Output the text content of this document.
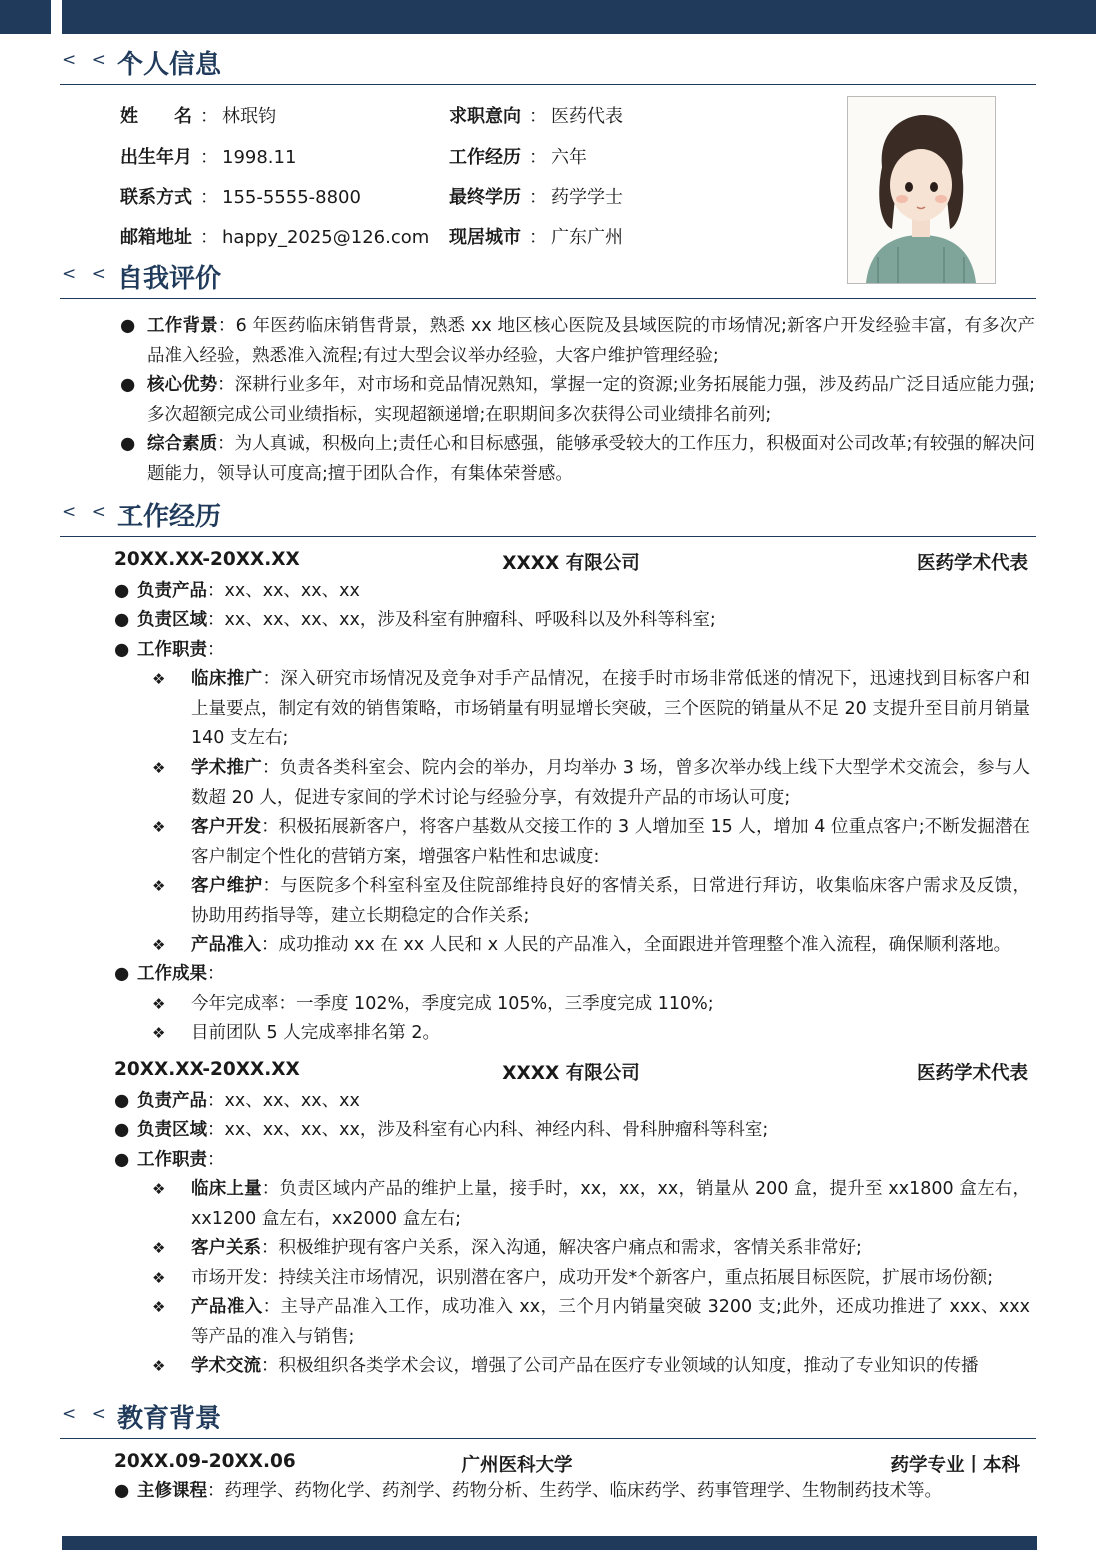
< < <
个人信息
姓　　名 ： 林珉钧
出生年月 ： 1998.11
联系方式 ： 155-5555-8800
邮箱地址 ： happy_2025@126.com
求职意向 ： 医药代表
工作经历 ： 六年
最终学历 ： 药学学士
现居城市 ： 广东广州
< < <
自我评价
● 工作背景：6 年医药临床销售背景，熟悉 xx 地区核心医院及县域医院的市场情况;新客户开发经验丰富，有多次产品准入经验，熟悉准入流程;有过大型会议举办经验，大客户维护管理经验;
● 核心优势：深耕行业多年，对市场和竞品情况熟知，掌握一定的资源;业务拓展能力强，涉及药品广泛目适应能力强;多次超额完成公司业绩指标，实现超额递增;在职期间多次获得公司业绩排名前列;
● 综合素质：为人真诚，积极向上;责任心和目标感强，能够承受较大的工作压力，积极面对公司改革;有较强的解决问题能力，领导认可度高;擅于团队合作，有集体荣誉感。
< < <
工作经历
20XX.XX-20XX.XX	XXXX 有限公司	医药学术代表
● 负责产品：xx、xx、xx、xx
● 负责区域：xx、xx、xx、xx，涉及科室有肿瘤科、呼吸科以及外科等科室;
● 工作职责：
❖ 临床推广：深入研究市场情况及竞争对手产品情况，在接手时市场非常低迷的情况下，迅速找到目标客户和上量要点，制定有效的销售策略，市场销量有明显增长突破，三个医院的销量从不足 20 支提升至目前月销量 140 支左右;
❖ 学术推广：负责各类科室会、院内会的举办，月均举办 3 场，曾多次举办线上线下大型学术交流会，参与人数超 20 人，促进专家间的学术讨论与经验分享，有效提升产品的市场认可度;
❖ 客户开发：积极拓展新客户，将客户基数从交接工作的 3 人增加至 15 人，增加 4 位重点客户;不断发掘潜在客户制定个性化的营销方案，增强客户粘性和忠诚度:
❖ 客户维护：与医院多个科室科室及住院部维持良好的客情关系，日常进行拜访，收集临床客户需求及反馈，协助用药指导等，建立长期稳定的合作关系;
❖ 产品准入：成功推动 xx 在 xx 人民和 x 人民的产品准入，全面跟进并管理整个准入流程，确保顺利落地。
● 工作成果：
❖ 今年完成率：一季度 102%，季度完成 105%，三季度完成 110%;
❖ 目前团队 5 人完成率排名第 2。
20XX.XX-20XX.XX	XXXX 有限公司	医药学术代表
● 负责产品：xx、xx、xx、xx
● 负责区域：xx、xx、xx、xx，涉及科室有心内科、神经内科、骨科肿瘤科等科室;
● 工作职责：
❖ 临床上量：负责区域内产品的维护上量，接手时，xx，xx，xx，销量从 200 盒，提升至 xx1800 盒左右，xx1200 盒左右，xx2000 盒左右;
❖ 客户关系：积极维护现有客户关系，深入沟通，解决客户痛点和需求，客情关系非常好;
❖ 市场开发：持续关注市场情况，识别潜在客户，成功开发*个新客户，重点拓展目标医院，扩展市场份额;
❖ 产品准入：主导产品准入工作，成功准入 xx，三个月内销量突破 3200 支;此外，还成功推进了 xxx、xxx 等产品的准入与销售;
❖ 学术交流：积极组织各类学术会议，增强了公司产品在医疗专业领域的认知度，推动了专业知识的传播
< < <
教育背景
20XX.09-20XX.06	广州医科大学	药学专业丨本科
● 主修课程：药理学、药物化学、药剂学、药物分析、生药学、临床药学、药事管理学、生物制药技术等。
